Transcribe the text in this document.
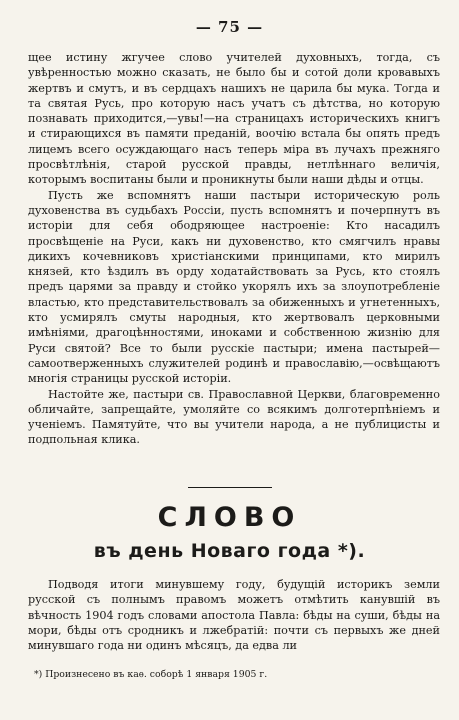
— 75 —

щее истину жгучее слово учителей духовныхъ, тогда, съ увѣренностью можно сказать, не было бы и сотой доли кровавыхъ жертвъ и смутъ, и въ сердцахъ нашихъ не царила бы мука. Тогда и та святая Русь, про которую насъ учатъ съ дѣтства, но которую познавать приходится,—увы!—на страницахъ историческихъ книгъ и стирающихся въ памяти преданій, воочію встала бы опять предъ лицемъ всего осуждающаго насъ теперь міра въ лучахъ прежняго просвѣтлѣнія, старой русской правды, нетлѣннаго величія, которымъ воспитаны были и проникнуты были наши дѣды и отцы.

Пусть же вспомнятъ наши пастыри историческую роль духовенства въ судьбахъ Россіи, пусть вспомнятъ и почерпнутъ въ исторіи для себя ободряющее настроеніе: Кто насадилъ просвѣщеніе на Руси, какъ ни духовенство, кто смягчилъ нравы дикихъ кочевниковъ христіанскими принципами, кто мирилъ князей, кто ѣздилъ въ орду ходатайствовать за Русь, кто стоялъ предъ царями за правду и стойко укорялъ ихъ за злоупотребленіе властью, кто представительствовалъ за обиженныхъ и угнетенныхъ, кто усмирялъ смуты народныя, кто жертвовалъ церковными имѣніями, драгоцѣнностями, иноками и собственною жизнію для Руси святой? Все то были русскіе пастыри; имена пастырей—самоотверженныхъ служителей родинѣ и православію,—освѣщаютъ многія страницы русской исторіи.

Настойте же, пастыри св. Православной Церкви, благовременно обличайте, запрещайте, умоляйте со всякимъ долготерпѣніемъ и ученіемъ. Памятуйте, что вы учители народа, а не публицисты и подпольная клика.

СЛОВО
въ день Новаго года *).

Подводя итоги минувшему году, будущій историкъ земли русской съ полнымъ правомъ можетъ отмѣтить канувшій въ вѣчность 1904 годъ словами апостола Павла: бѣды на суши, бѣды на мори, бѣды отъ сродникъ и лжебратій: почти съ первыхъ же дней минувшаго года ни одинъ мѣсяцъ, да едва ли

*) Произнесено въ каѳ. соборѣ 1 января 1905 г.
